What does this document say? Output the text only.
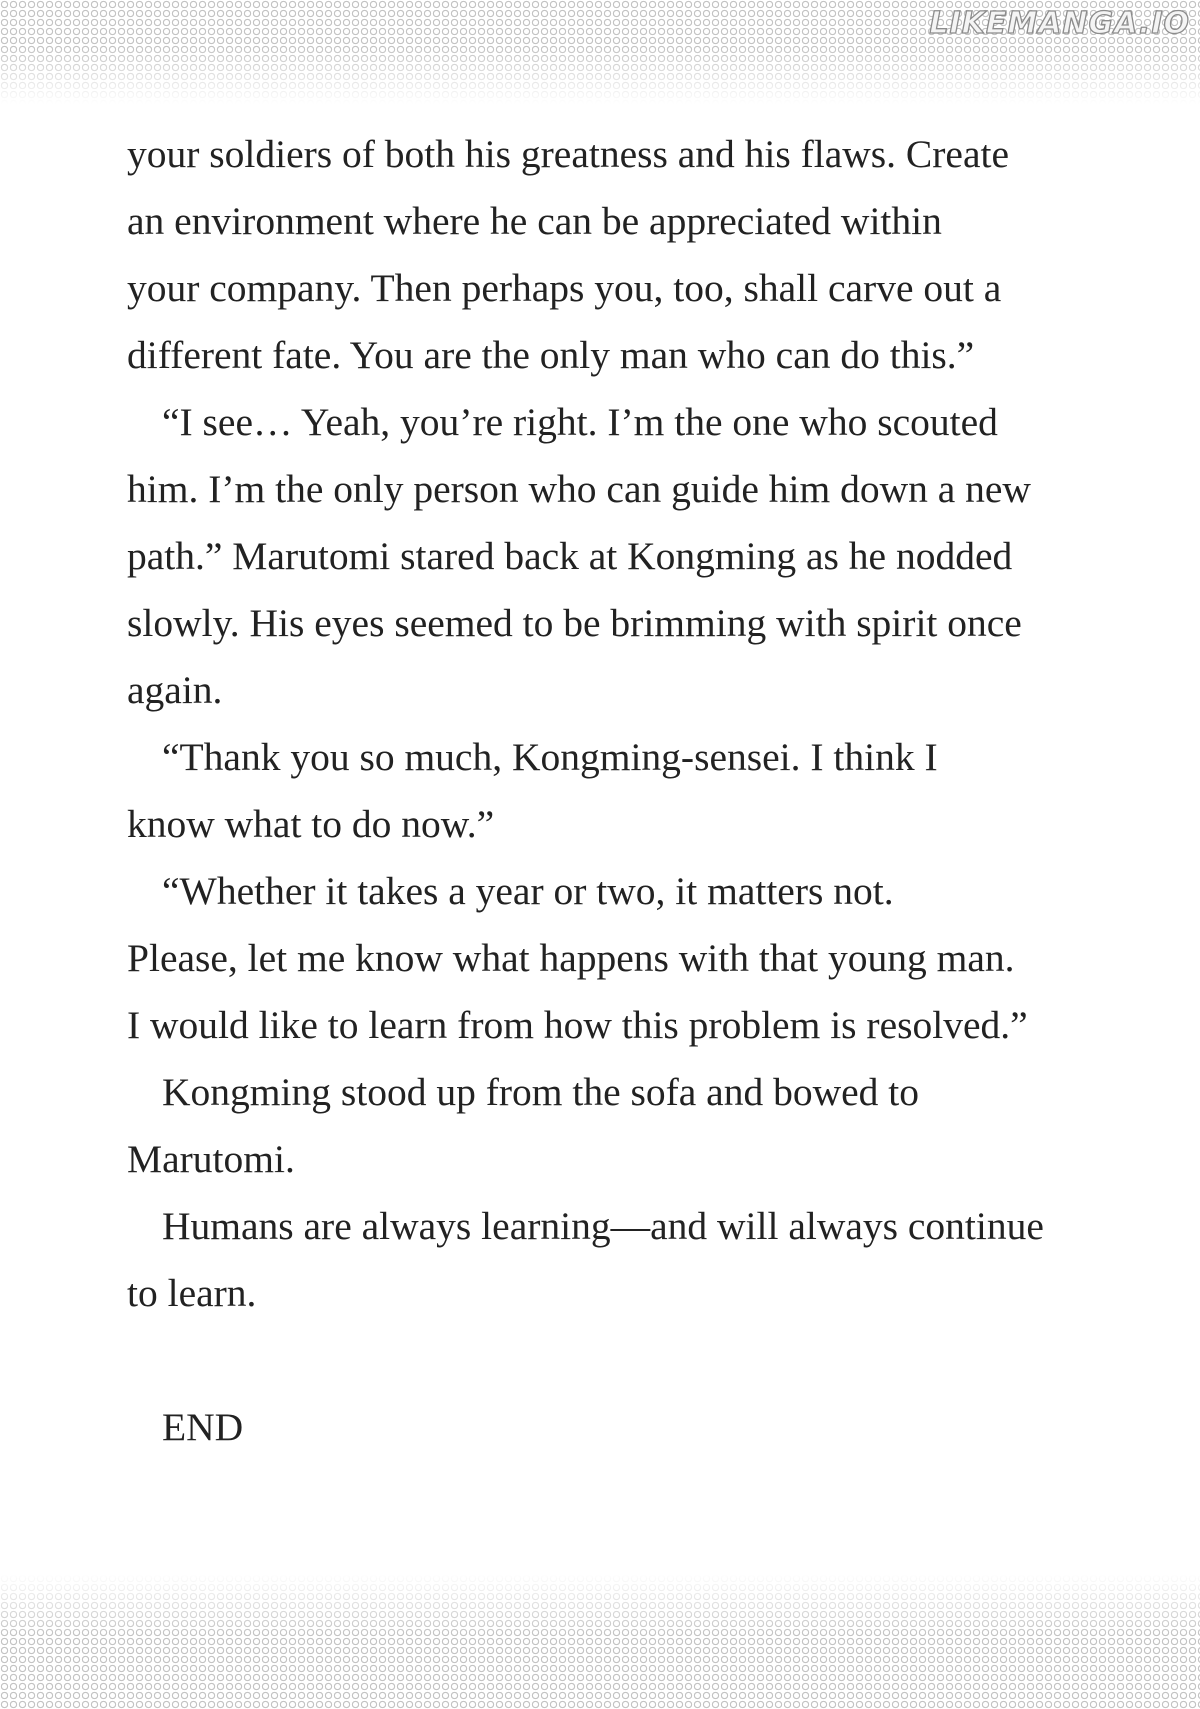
LIKEMANGA.IO

your soldiers of both his greatness and his flaws. Create

an environment where he can be appreciated within

your company. Then perhaps you, too, shall carve out a

different fate. You are the only man who can do this.”

“I see… Yeah, you’re right. I’m the one who scouted

him. I’m the only person who can guide him down a new

path.” Marutomi stared back at Kongming as he nodded

slowly. His eyes seemed to be brimming with spirit once

again.

“Thank you so much, Kongming-sensei. I think I

know what to do now.”

“Whether it takes a year or two, it matters not.

Please, let me know what happens with that young man.

I would like to learn from how this problem is resolved.”

Kongming stood up from the sofa and bowed to

Marutomi.

Humans are always learning—and will always continue

to learn.

END
